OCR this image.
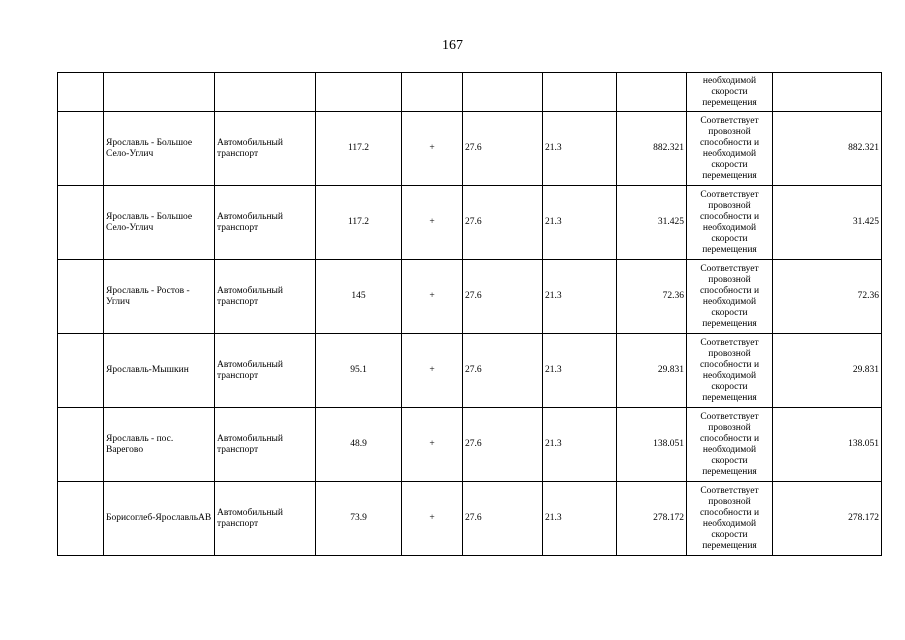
167
								необходимой скорости перемещения	
	Ярославль - Большое Село-Углич	Автомобильный транспорт	117.2	+	27.6	21.3	882.321	Соответствует провозной способности и необходимой скорости перемещения	882.321
	Ярославль - Большое Село-Углич	Автомобильный транспорт	117.2	+	27.6	21.3	31.425	Соответствует провозной способности и необходимой скорости перемещения	31.425
	Ярославль - Ростов - Углич	Автомобильный транспорт	145	+	27.6	21.3	72.36	Соответствует провозной способности и необходимой скорости перемещения	72.36
	Ярославль-Мышкин	Автомобильный транспорт	95.1	+	27.6	21.3	29.831	Соответствует провозной способности и необходимой скорости перемещения	29.831
	Ярославль - пос. Варегово	Автомобильный транспорт	48.9	+	27.6	21.3	138.051	Соответствует провозной способности и необходимой скорости перемещения	138.051
	Борисоглеб-ЯрославльАВ	Автомобильный транспорт	73.9	+	27.6	21.3	278.172	Соответствует провозной способности и необходимой скорости перемещения	278.172
